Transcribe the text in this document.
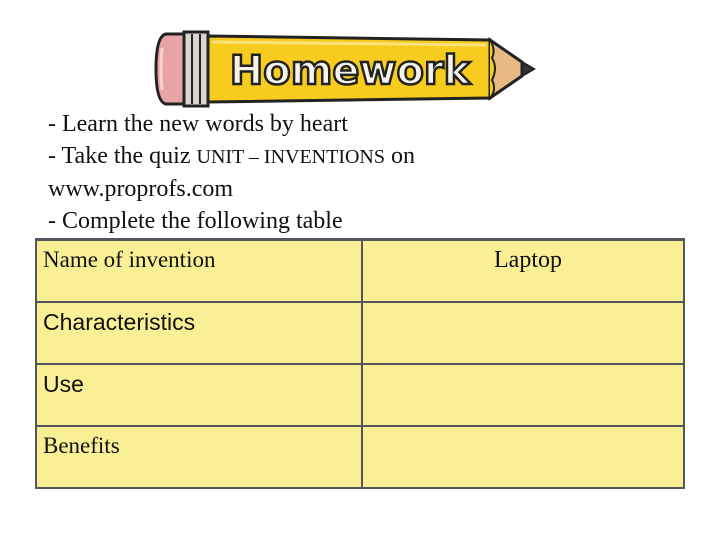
Homework
- Learn the new words by heart
- Take the quiz UNIT – INVENTIONS on
www.proprofs.com
- Complete the following table
Name of invention	Laptop
Characteristics	
Use	
Benefits	
